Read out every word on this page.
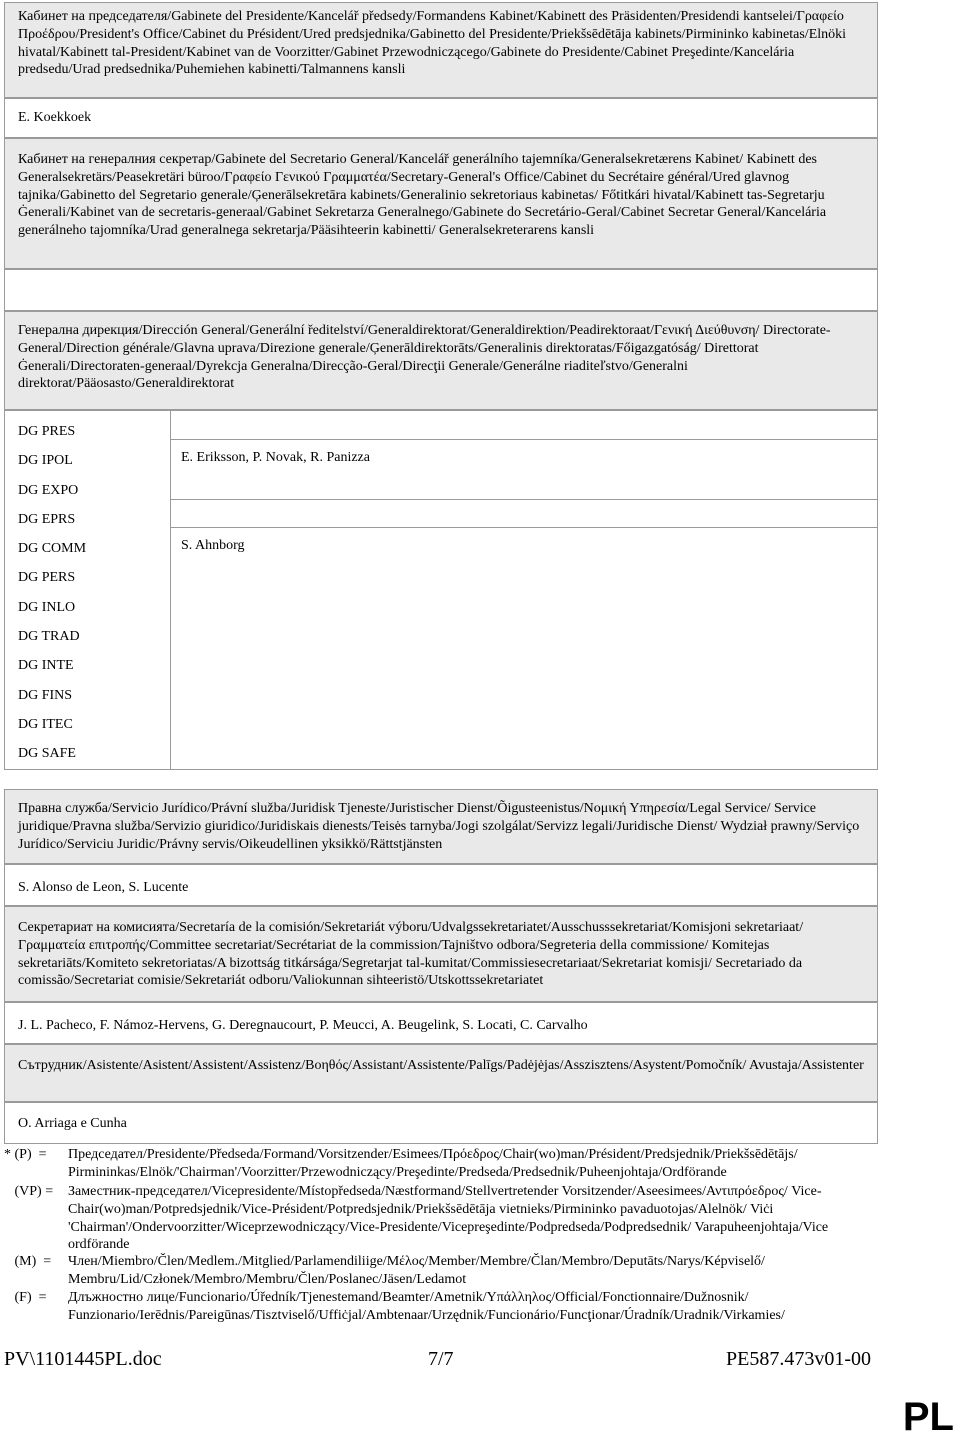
Кабинет на председателя/Gabinete del Presidente/Kancelář předsedy/Formandens Kabinet/Kabinett des Präsidenten/Presidendi kantselei/Γραφείο Προέδρου/President's Office/Cabinet du Président/Ured predsjednika/Gabinetto del Presidente/Priekšsēdētāja kabinets/Pirmininko kabinetas/Elnöki hivatal/Kabinett tal-President/Kabinet van de Voorzitter/Gabinet Przewodniczącego/Gabinete do Presidente/Cabinet Preşedinte/Kancelária predsedu/Urad predsednika/Puhemiehen kabinetti/Talmannens kansli
E. Koekkoek
Кабинет на генералния секретар/Gabinete del Secretario General/Kancelář generálního tajemníka/Generalsekretærens Kabinet/ Kabinett des Generalsekretärs/Peasekretäri büroo/Γραφείο Γενικού Γραμματέα/Secretary-General's Office/Cabinet du Secrétaire général/Ured glavnog tajnika/Gabinetto del Segretario generale/Ģenerālsekretāra kabinets/Generalinio sekretoriaus kabinetas/ Főtitkári hivatal/Kabinett tas-Segretarju Ġenerali/Kabinet van de secretaris-generaal/Gabinet Sekretarza Generalnego/Gabinete do Secretário-Geral/Cabinet Secretar General/Kancelária generálneho tajomníka/Urad generalnega sekretarja/Pääsihteerin kabinetti/ Generalsekreterarens kansli
Генерална дирекция/Dirección General/Generální ředitelství/Generaldirektorat/Generaldirektion/Peadirektoraat/Γενική Διεύθυνση/ Directorate-General/Direction générale/Glavna uprava/Direzione generale/Ģenerāldirektorāts/Generalinis direktoratas/Főigazgatóság/ Direttorat Ġenerali/Directoraten-generaal/Dyrekcja Generalna/Direcção-Geral/Direcţii Generale/Generálne riaditeľstvo/Generalni direktorat/Pääosasto/Generaldirektorat
DG PRES
DG IPOL
DG EXPO
DG EPRS
DG COMM
DG PERS
DG INLO
DG TRAD
DG INTE
DG FINS
DG ITEC
DG SAFE
E. Eriksson, P. Novak, R. Panizza
S. Ahnborg
Правна служба/Servicio Jurídico/Právní služba/Juridisk Tjeneste/Juristischer Dienst/Õigusteenistus/Νομική Υπηρεσία/Legal Service/ Service juridique/Pravna služba/Servizio giuridico/Juridiskais dienests/Teisės tarnyba/Jogi szolgálat/Servizz legali/Juridische Dienst/ Wydział prawny/Serviço Jurídico/Serviciu Juridic/Právny servis/Oikeudellinen yksikkö/Rättstjänsten
S. Alonso de Leon, S. Lucente
Секретариат на комисията/Secretaría de la comisión/Sekretariát výboru/Udvalgssekretariatet/Ausschusssekretariat/Komisjoni sekretariaat/Γραμματεία επιτροπής/Committee secretariat/Secrétariat de la commission/Tajništvo odbora/Segreteria della commissione/ Komitejas sekretariāts/Komiteto sekretoriatas/A bizottság titkársága/Segretarjat tal-kumitat/Commissiesecretariaat/Sekretariat komisji/ Secretariado da comissão/Secretariat comisie/Sekretariát odboru/Valiokunnan sihteeristö/Utskottssekretariatet
J. L. Pacheco, F. Námoz-Hervens, G. Deregnaucourt, P. Meucci, A. Beugelink, S. Locati, C. Carvalho
Сътрудник/Asistente/Asistent/Assistent/Assistenz/Βοηθός/Assistant/Assistente/Palīgs/Padėjėjas/Asszisztens/Asystent/Pomočník/ Avustaja/Assistenter
O. Arriaga e Cunha
* (P)  = Председател/Presidente/Předseda/Formand/Vorsitzender/Esimees/Πρόεδρος/Chair(wo)man/Président/Predsjednik/Priekšsēdētājs/ Pirmininkas/Elnök/'Chairman'/Voorzitter/Przewodniczący/Preşedinte/Predseda/Predsednik/Puheenjohtaja/Ordförande
(VP) = Заместник-председател/Vicepresidente/Místopředseda/Næstformand/Stellvertretender Vorsitzender/Aseesimees/Αντιπρόεδρος/ Vice-Chair(wo)man/Potpredsjednik/Vice-Président/Potpredsjednik/Priekšsēdētāja vietnieks/Pirmininko pavaduotojas/Alelnök/ Viċi 'Chairman'/Ondervoorzitter/Wiceprzewodniczący/Vice-Presidente/Vicepreşedinte/Podpredseda/Podpredsednik/ Varapuheenjohtaja/Vice ordförande
(M)  = Член/Miembro/Člen/Medlem./Mitglied/Parlamendiliige/Μέλος/Member/Membre/Član/Membro/Deputāts/Narys/Képviselő/ Membru/Lid/Członek/Membro/Membru/Člen/Poslanec/Jäsen/Ledamot
(F)  = Длъжностно лице/Funcionario/Úředník/Tjenestemand/Beamter/Ametnik/Υπάλληλος/Official/Fonctionnaire/Dužnosnik/ Funzionario/Ierēdnis/Pareigūnas/Tisztviselő/Uffiċjal/Ambtenaar/Urzędnik/Funcionário/Funcţionar/Úradník/Uradnik/Virkamies/
PV\1101445PL.doc	7/7	PE587.473v01-00
PL
